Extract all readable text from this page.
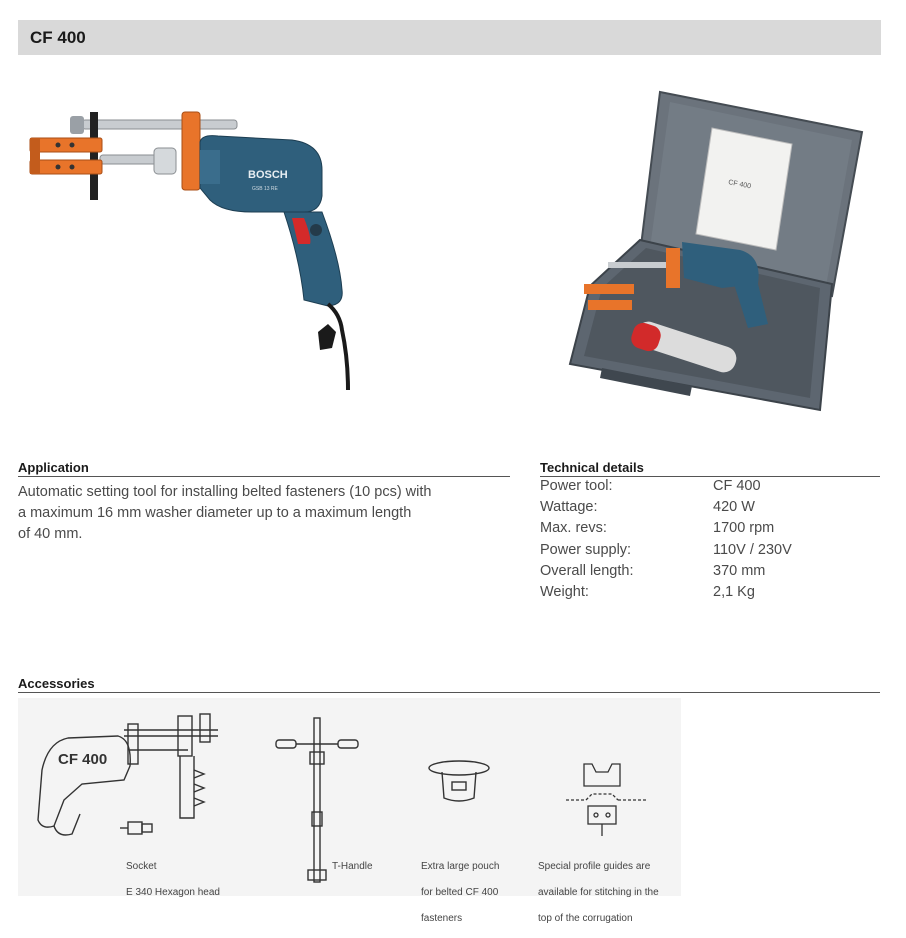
CF 400
BOSCH
GSB 13 RE	CF 400
Application
Automatic setting tool for installing belted fasteners (10 pcs) with
a maximum 16 mm washer diameter up to a maximum length
of 40 mm.
Technical details
Power tool:	CF 400
Wattage:	420 W
Max. revs:	1700 rpm
Power supply:	110V / 230V
Overall length:	370 mm
Weight:	2,1 Kg
Accessories
CF 400

Socket

E 340 Hexagon head

T-Handle	Extra large pouch

for belted CF 400

fasteners

Special profile guides are

available for stitching in the

top of the corrugation
